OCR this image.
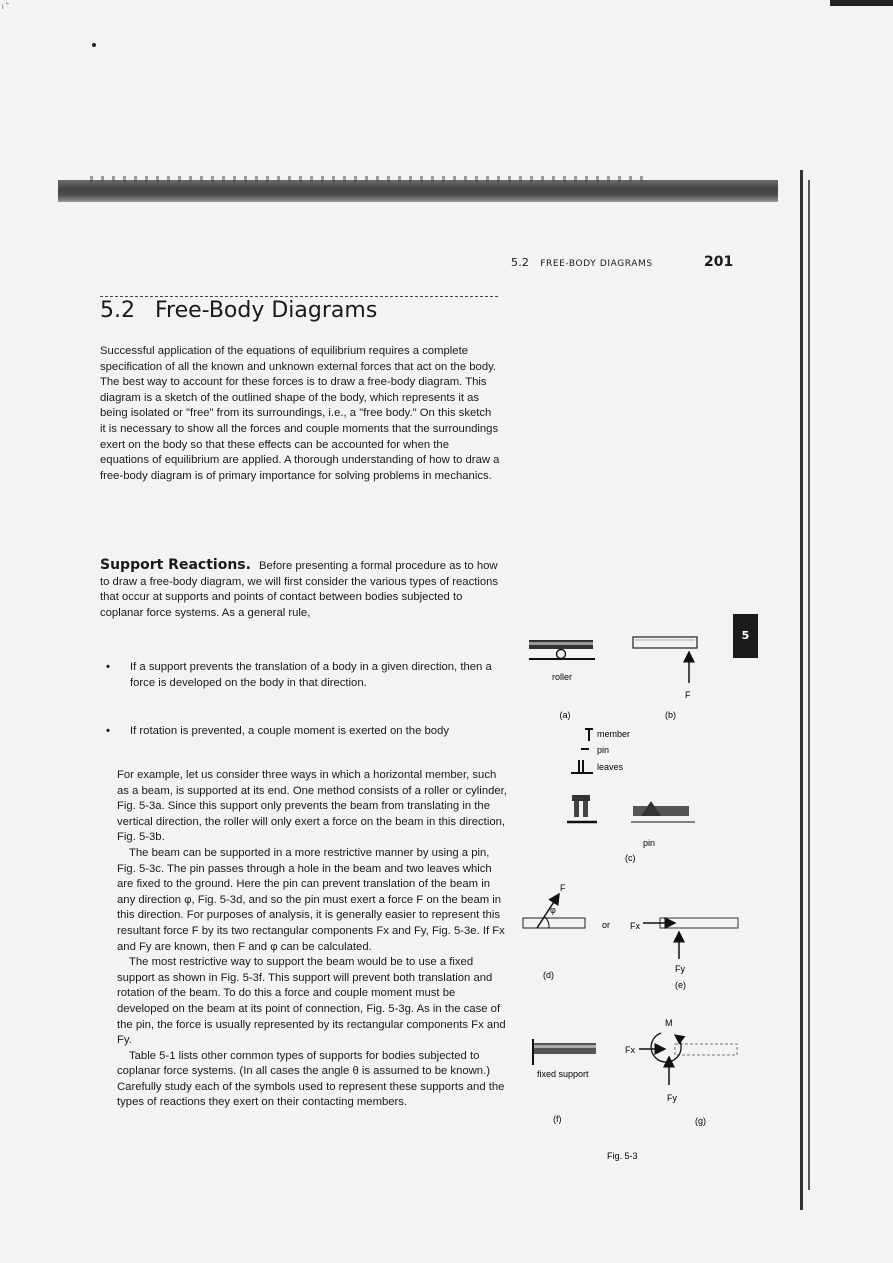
̅ᵣ
5.2 FREE-BODY DIAGRAMS	201
5.2 Free-Body Diagrams
Successful application of the equations of equilibrium requires a complete specification of all the known and unknown external forces that act on the body. The best way to account for these forces is to draw a free-body diagram. This diagram is a sketch of the outlined shape of the body, which represents it as being isolated or "free" from its surroundings, i.e., a "free body." On this sketch it is necessary to show all the forces and couple moments that the surroundings exert on the body so that these effects can be accounted for when the equations of equilibrium are applied. A thorough understanding of how to draw a free-body diagram is of primary importance for solving problems in mechanics.
Support Reactions. Before presenting a formal procedure as to how to draw a free-body diagram, we will first consider the various types of reactions that occur at supports and points of contact between bodies subjected to coplanar force systems. As a general rule,
• If a support prevents the translation of a body in a given direction, then a force is developed on the body in that direction.
• If rotation is prevented, a couple moment is exerted on the body

For example, let us consider three ways in which a horizontal member, such as a beam, is supported at its end. One method consists of a roller or cylinder, Fig. 5-3a. Since this support only prevents the beam from translating in the vertical direction, the roller will only exert a force on the beam in this direction, Fig. 5-3b.

The beam can be supported in a more restrictive manner by using a pin, Fig. 5-3c. The pin passes through a hole in the beam and two leaves which are fixed to the ground. Here the pin can prevent translation of the beam in any direction φ, Fig. 5-3d, and so the pin must exert a force F on the beam in this direction. For purposes of analysis, it is generally easier to represent this resultant force F by its two rectangular components Fx and Fy, Fig. 5-3e. If Fx and Fy are known, then F and φ can be calculated.

The most restrictive way to support the beam would be to use a fixed support as shown in Fig. 5-3f. This support will prevent both translation and rotation of the beam. To do this a force and couple moment must be developed on the beam at its point of connection, Fig. 5-3g. As in the case of the pin, the force is usually represented by its rectangular components Fx and Fy.

Table 5-1 lists other common types of supports for bodies subjected to coplanar force systems. (In all cases the angle θ is assumed to be known.) Carefully study each of the symbols used to represent these supports and the types of reactions they exert on their contacting members.

5
roller
(a)
F
(b)
member
pin
leaves
pin
(c)
F
φ
or
(d)
Fx
Fy
(e)
fixed support
(f)
M
Fx
Fy
(g)
Fig. 5-3
